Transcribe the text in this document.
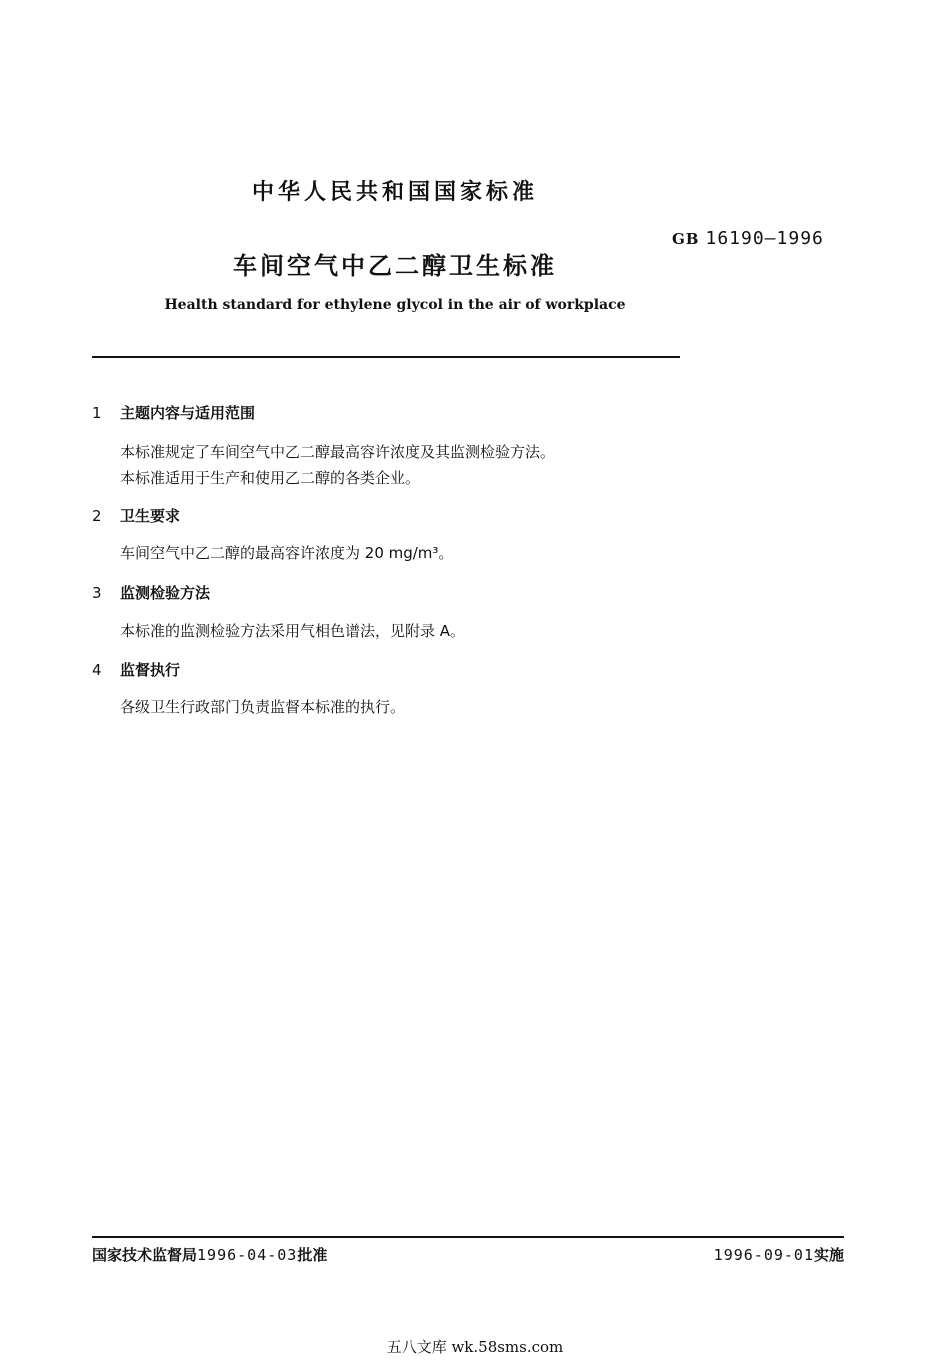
中华人民共和国国家标准
GB 16190—1996
车间空气中乙二醇卫生标准
Health standard for ethylene glycol in the air of workplace
1 主题内容与适用范围
本标准规定了车间空气中乙二醇最高容许浓度及其监测检验方法。
本标准适用于生产和使用乙二醇的各类企业。
2 卫生要求
车间空气中乙二醇的最高容许浓度为 20 mg/m³。
3 监测检验方法
本标准的监测检验方法采用气相色谱法，见附录 A。
4 监督执行
各级卫生行政部门负责监督本标准的执行。
国家技术监督局1996-04-03批准	1996-09-01实施
五八文库 wk.58sms.com
